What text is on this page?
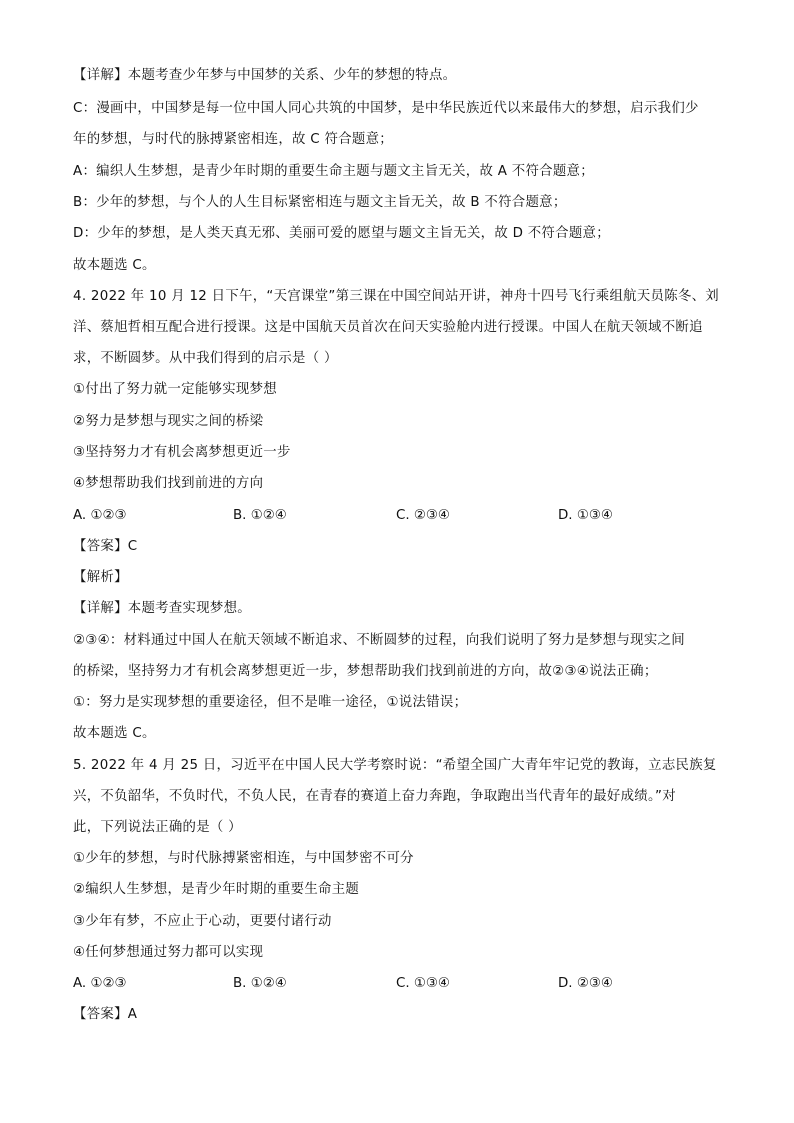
【详解】本题考查少年梦与中国梦的关系、少年的梦想的特点。
C：漫画中，中国梦是每一位中国人同心共筑的中国梦，是中华民族近代以来最伟大的梦想，启示我们少
年的梦想，与时代的脉搏紧密相连，故 C 符合题意；
A：编织人生梦想，是青少年时期的重要生命主题与题文主旨无关，故 A 不符合题意；
B：少年的梦想，与个人的人生目标紧密相连与题文主旨无关，故 B 不符合题意；
D：少年的梦想，是人类天真无邪、美丽可爱的愿望与题文主旨无关，故 D 不符合题意；
故本题选 C。
4. 2022 年 10 月 12 日下午，“天宫课堂”第三课在中国空间站开讲，神舟十四号飞行乘组航天员陈冬、刘
洋、蔡旭哲相互配合进行授课。这是中国航天员首次在问天实验舱内进行授课。中国人在航天领域不断追
求，不断圆梦。从中我们得到的启示是（ ）
①付出了努力就一定能够实现梦想
②努力是梦想与现实之间的桥梁
③坚持努力才有机会离梦想更近一步
④梦想帮助我们找到前进的方向
A. ①②③	B. ①②④	C. ②③④	D. ①③④
【答案】C
【解析】
【详解】本题考查实现梦想。
②③④：材料通过中国人在航天领域不断追求、不断圆梦的过程，向我们说明了努力是梦想与现实之间
的桥梁，坚持努力才有机会离梦想更近一步，梦想帮助我们找到前进的方向，故②③④说法正确；
①：努力是实现梦想的重要途径，但不是唯一途径，①说法错误；
故本题选 C。
5. 2022 年 4 月 25 日，习近平在中国人民大学考察时说：“希望全国广大青年牢记党的教诲，立志民族复
兴，不负韶华，不负时代，不负人民，在青春的赛道上奋力奔跑，争取跑出当代青年的最好成绩。”对
此，下列说法正确的是（ ）
①少年的梦想，与时代脉搏紧密相连，与中国梦密不可分
②编织人生梦想，是青少年时期的重要生命主题
③少年有梦，不应止于心动，更要付诸行动
④任何梦想通过努力都可以实现
A. ①②③	B. ①②④	C. ①③④	D. ②③④
【答案】A
